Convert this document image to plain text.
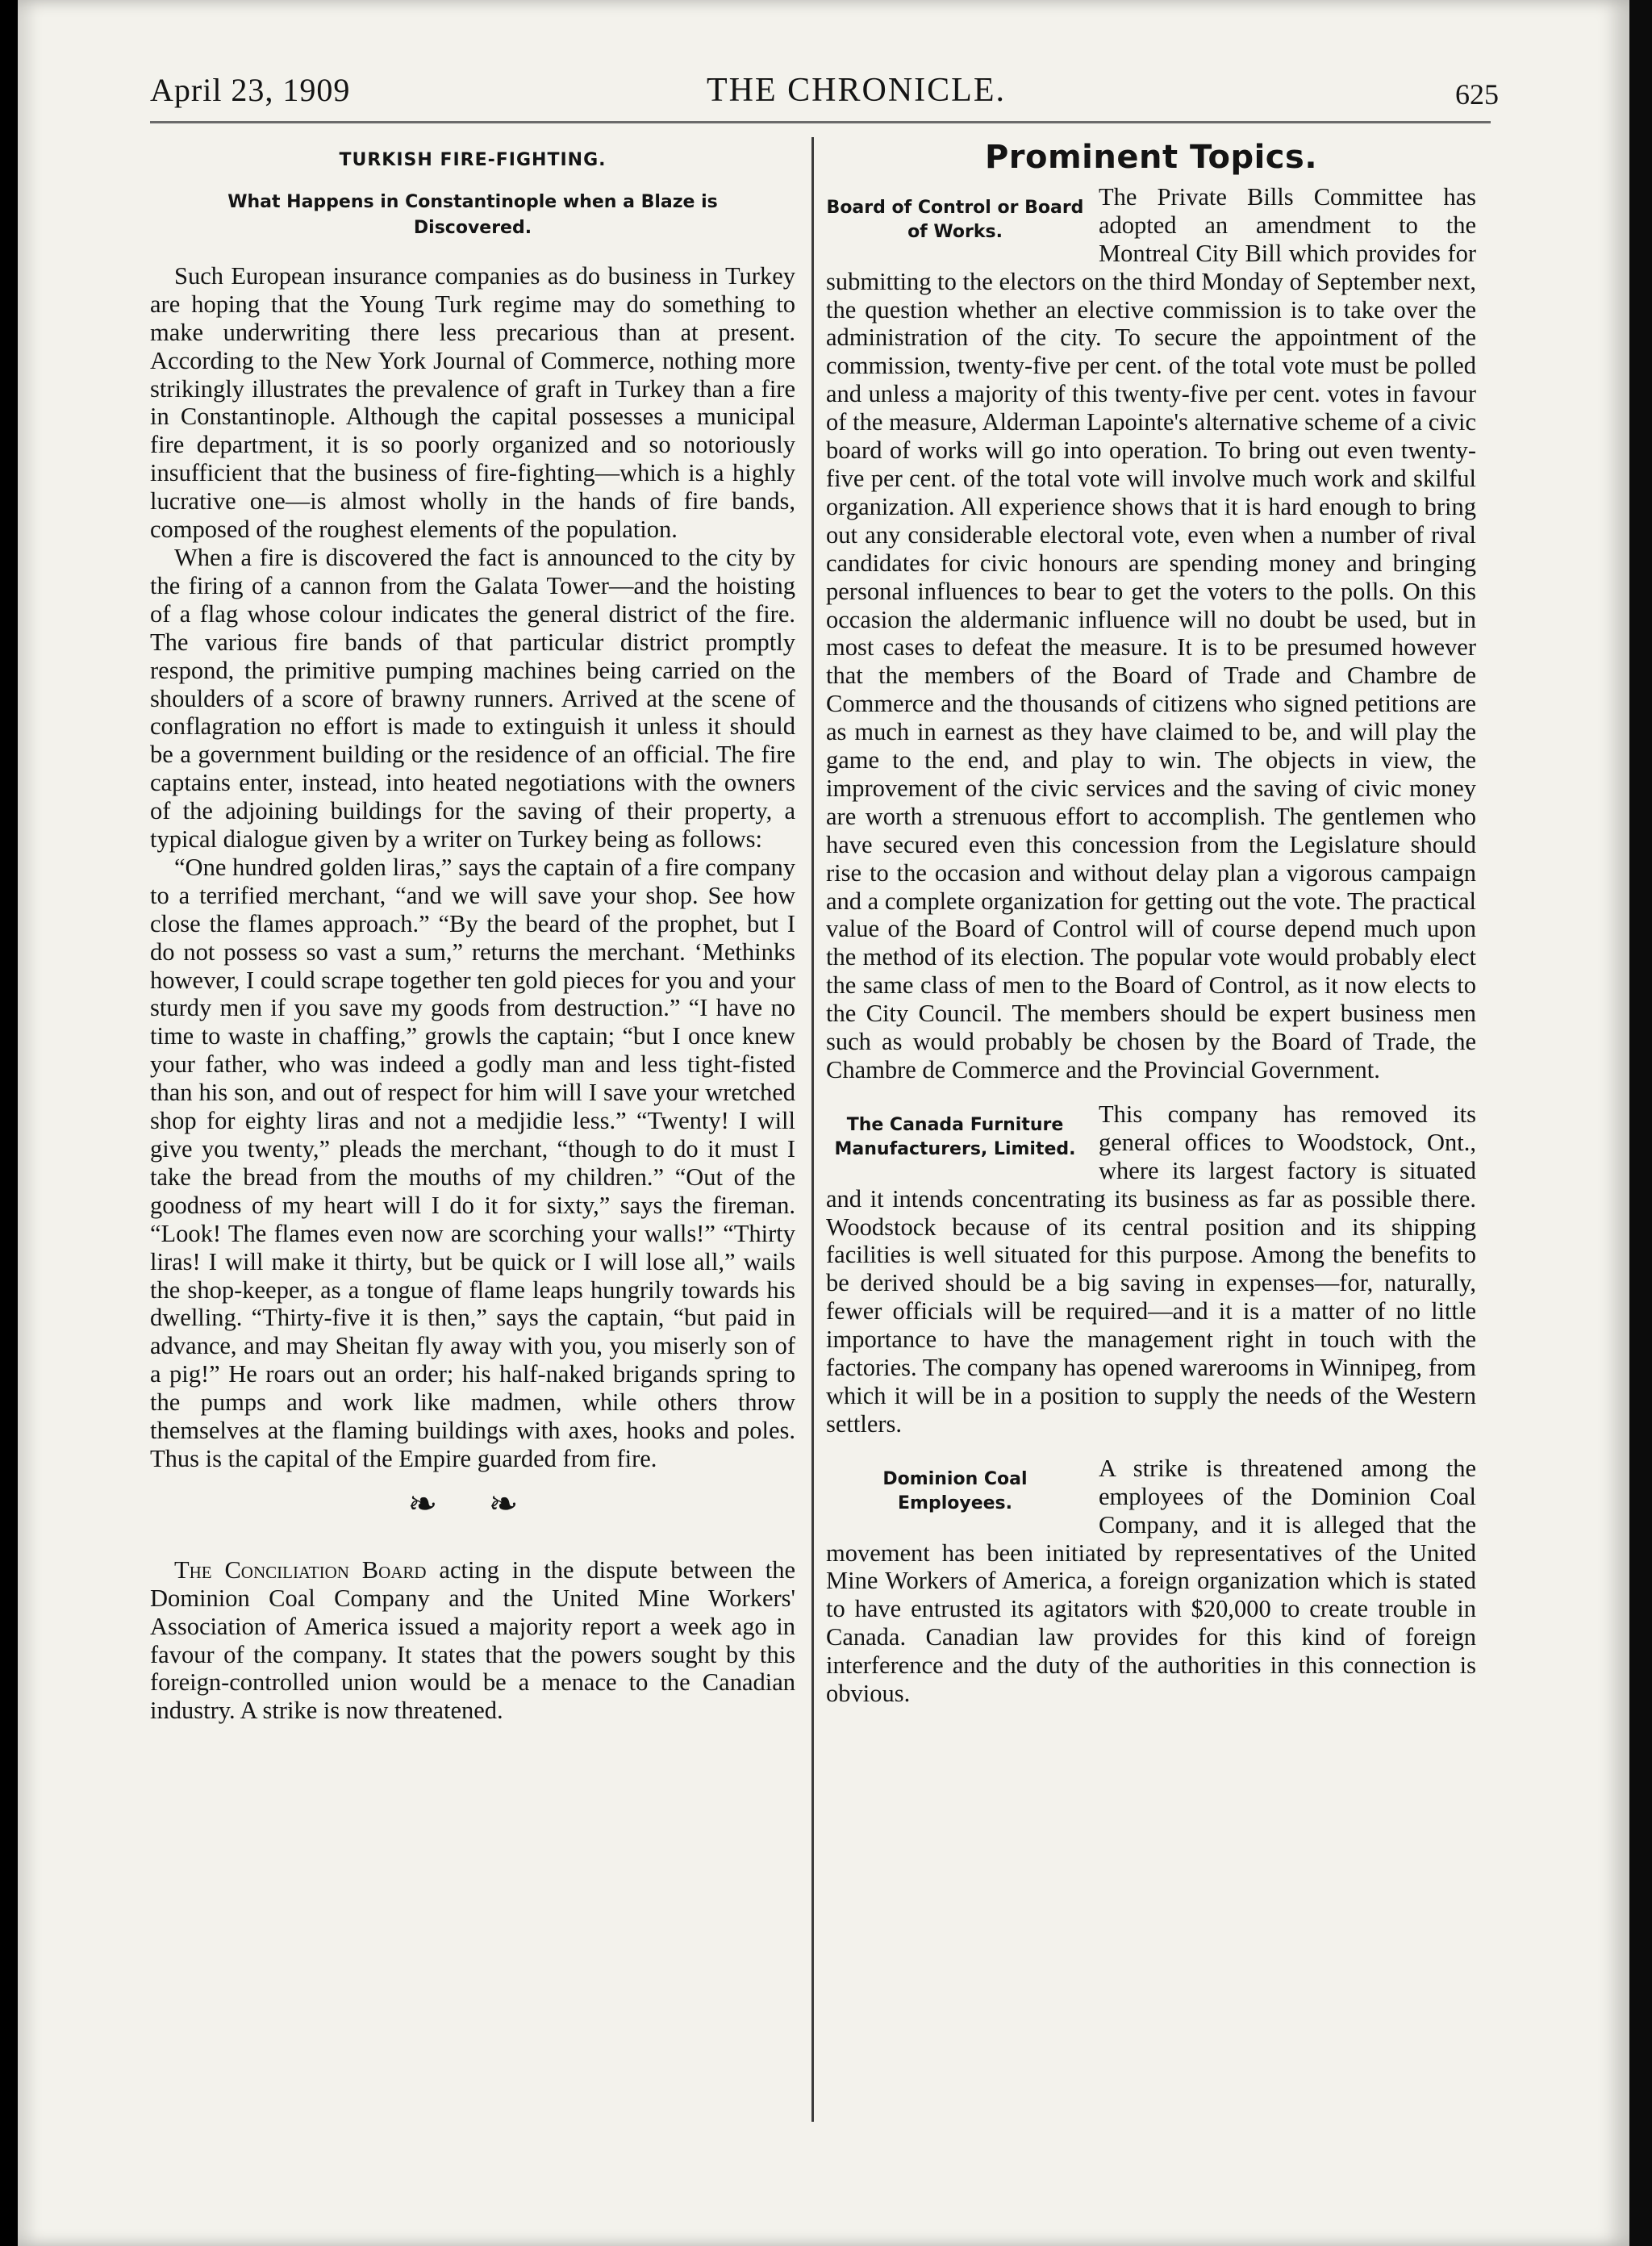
April 23, 1909	THE CHRONICLE.	625
TURKISH FIRE-FIGHTING.
What Happens in Constantinople when a Blaze is Discovered.

Such European insurance companies as do business in Turkey are hoping that the Young Turk regime may do something to make underwriting there less precarious than at present. According to the New York Journal of Commerce, nothing more strikingly illustrates the prevalence of graft in Turkey than a fire in Constantinople. Although the capital possesses a municipal fire department, it is so poorly organized and so notoriously insufficient that the business of fire-fighting—which is a highly lucrative one—is almost wholly in the hands of fire bands, composed of the roughest elements of the population.

When a fire is discovered the fact is announced to the city by the firing of a cannon from the Galata Tower—and the hoisting of a flag whose colour indicates the general district of the fire. The various fire bands of that particular district promptly respond, the primitive pumping machines being carried on the shoulders of a score of brawny runners. Arrived at the scene of conflagration no effort is made to extinguish it unless it should be a government building or the residence of an official. The fire captains enter, instead, into heated negotiations with the owners of the adjoining buildings for the saving of their property, a typical dialogue given by a writer on Turkey being as follows:

“One hundred golden liras,” says the captain of a fire company to a terrified merchant, “and we will save your shop. See how close the flames approach.” “By the beard of the prophet, but I do not possess so vast a sum,” returns the merchant. ‘Methinks however, I could scrape together ten gold pieces for you and your sturdy men if you save my goods from destruction.” “I have no time to waste in chaffing,” growls the captain; “but I once knew your father, who was indeed a godly man and less tight-fisted than his son, and out of respect for him will I save your wretched shop for eighty liras and not a medjidie less.” “Twenty! I will give you twenty,” pleads the merchant, “though to do it must I take the bread from the mouths of my children.” “Out of the goodness of my heart will I do it for sixty,” says the fireman. “Look! The flames even now are scorching your walls!” “Thirty liras! I will make it thirty, but be quick or I will lose all,” wails the shop-keeper, as a tongue of flame leaps hungrily towards his dwelling. “Thirty-five it is then,” says the captain, “but paid in advance, and may Sheitan fly away with you, you miserly son of a pig!” He roars out an order; his half-naked brigands spring to the pumps and work like madmen, while others throw themselves at the flaming buildings with axes, hooks and poles. Thus is the capital of the Empire guarded from fire.

❧ ❧

The Conciliation Board acting in the dispute between the Dominion Coal Company and the United Mine Workers' Association of America issued a majority report a week ago in favour of the company. It states that the powers sought by this foreign-controlled union would be a menace to the Canadian industry. A strike is now threatened.

Prominent Topics.
Board of Control or Board of Works.

The Private Bills Committee has adopted an amendment to the Montreal City Bill which provides for submitting to the electors on the third Monday of September next, the question whether an elective commission is to take over the administration of the city. To secure the appointment of the commission, twenty-five per cent. of the total vote must be polled and unless a majority of this twenty-five per cent. votes in favour of the measure, Alderman Lapointe's alternative scheme of a civic board of works will go into operation. To bring out even twenty-five per cent. of the total vote will involve much work and skilful organization. All experience shows that it is hard enough to bring out any considerable electoral vote, even when a number of rival candidates for civic honours are spending money and bringing personal influences to bear to get the voters to the polls. On this occasion the aldermanic influence will no doubt be used, but in most cases to defeat the measure. It is to be presumed however that the members of the Board of Trade and Chambre de Commerce and the thousands of citizens who signed petitions are as much in earnest as they have claimed to be, and will play the game to the end, and play to win. The objects in view, the improvement of the civic services and the saving of civic money are worth a strenuous effort to accomplish. The gentlemen who have secured even this concession from the Legislature should rise to the occasion and without delay plan a vigorous campaign and a complete organization for getting out the vote. The practical value of the Board of Control will of course depend much upon the method of its election. The popular vote would probably elect the same class of men to the Board of Control, as it now elects to the City Council. The members should be expert business men such as would probably be chosen by the Board of Trade, the Chambre de Commerce and the Provincial Government.

The Canada Furniture Manufacturers, Limited.

This company has removed its general offices to Woodstock, Ont., where its largest factory is situated and it intends concentrating its business as far as possible there. Woodstock because of its central position and its shipping facilities is well situated for this purpose. Among the benefits to be derived should be a big saving in expenses—for, naturally, fewer officials will be required—and it is a matter of no little importance to have the management right in touch with the factories. The company has opened warerooms in Winnipeg, from which it will be in a position to supply the needs of the Western settlers.

Dominion Coal Employees.

A strike is threatened among the employees of the Dominion Coal Company, and it is alleged that the movement has been initiated by representatives of the United Mine Workers of America, a foreign organization which is stated to have entrusted its agitators with $20,000 to create trouble in Canada. Canadian law provides for this kind of foreign interference and the duty of the authorities in this connection is obvious.
